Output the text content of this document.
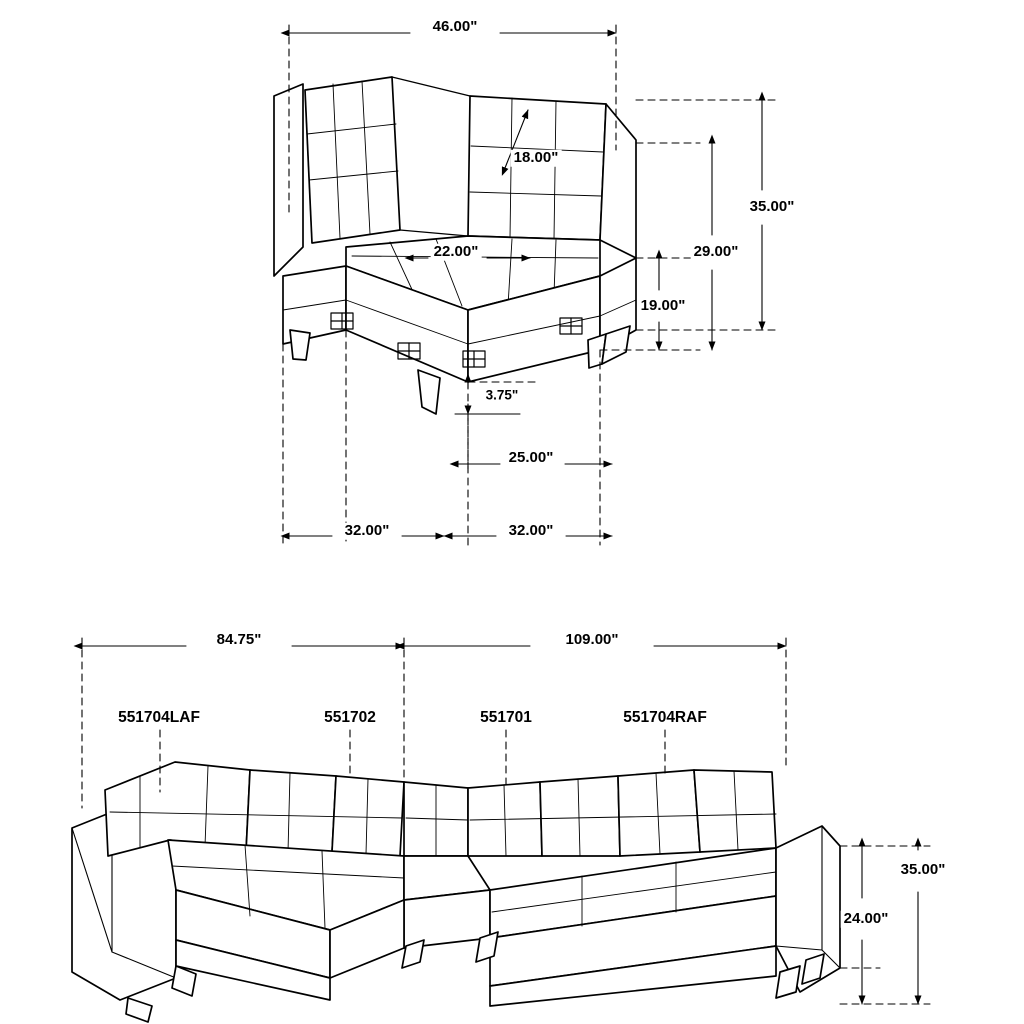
46.00"
18.00"
35.00"
29.00"
19.00"
22.00"
3.75"
25.00"
32.00"	32.00"
84.75"	109.00"
35.00"
24.00"
551704LAF	551702	551701	551704RAF
